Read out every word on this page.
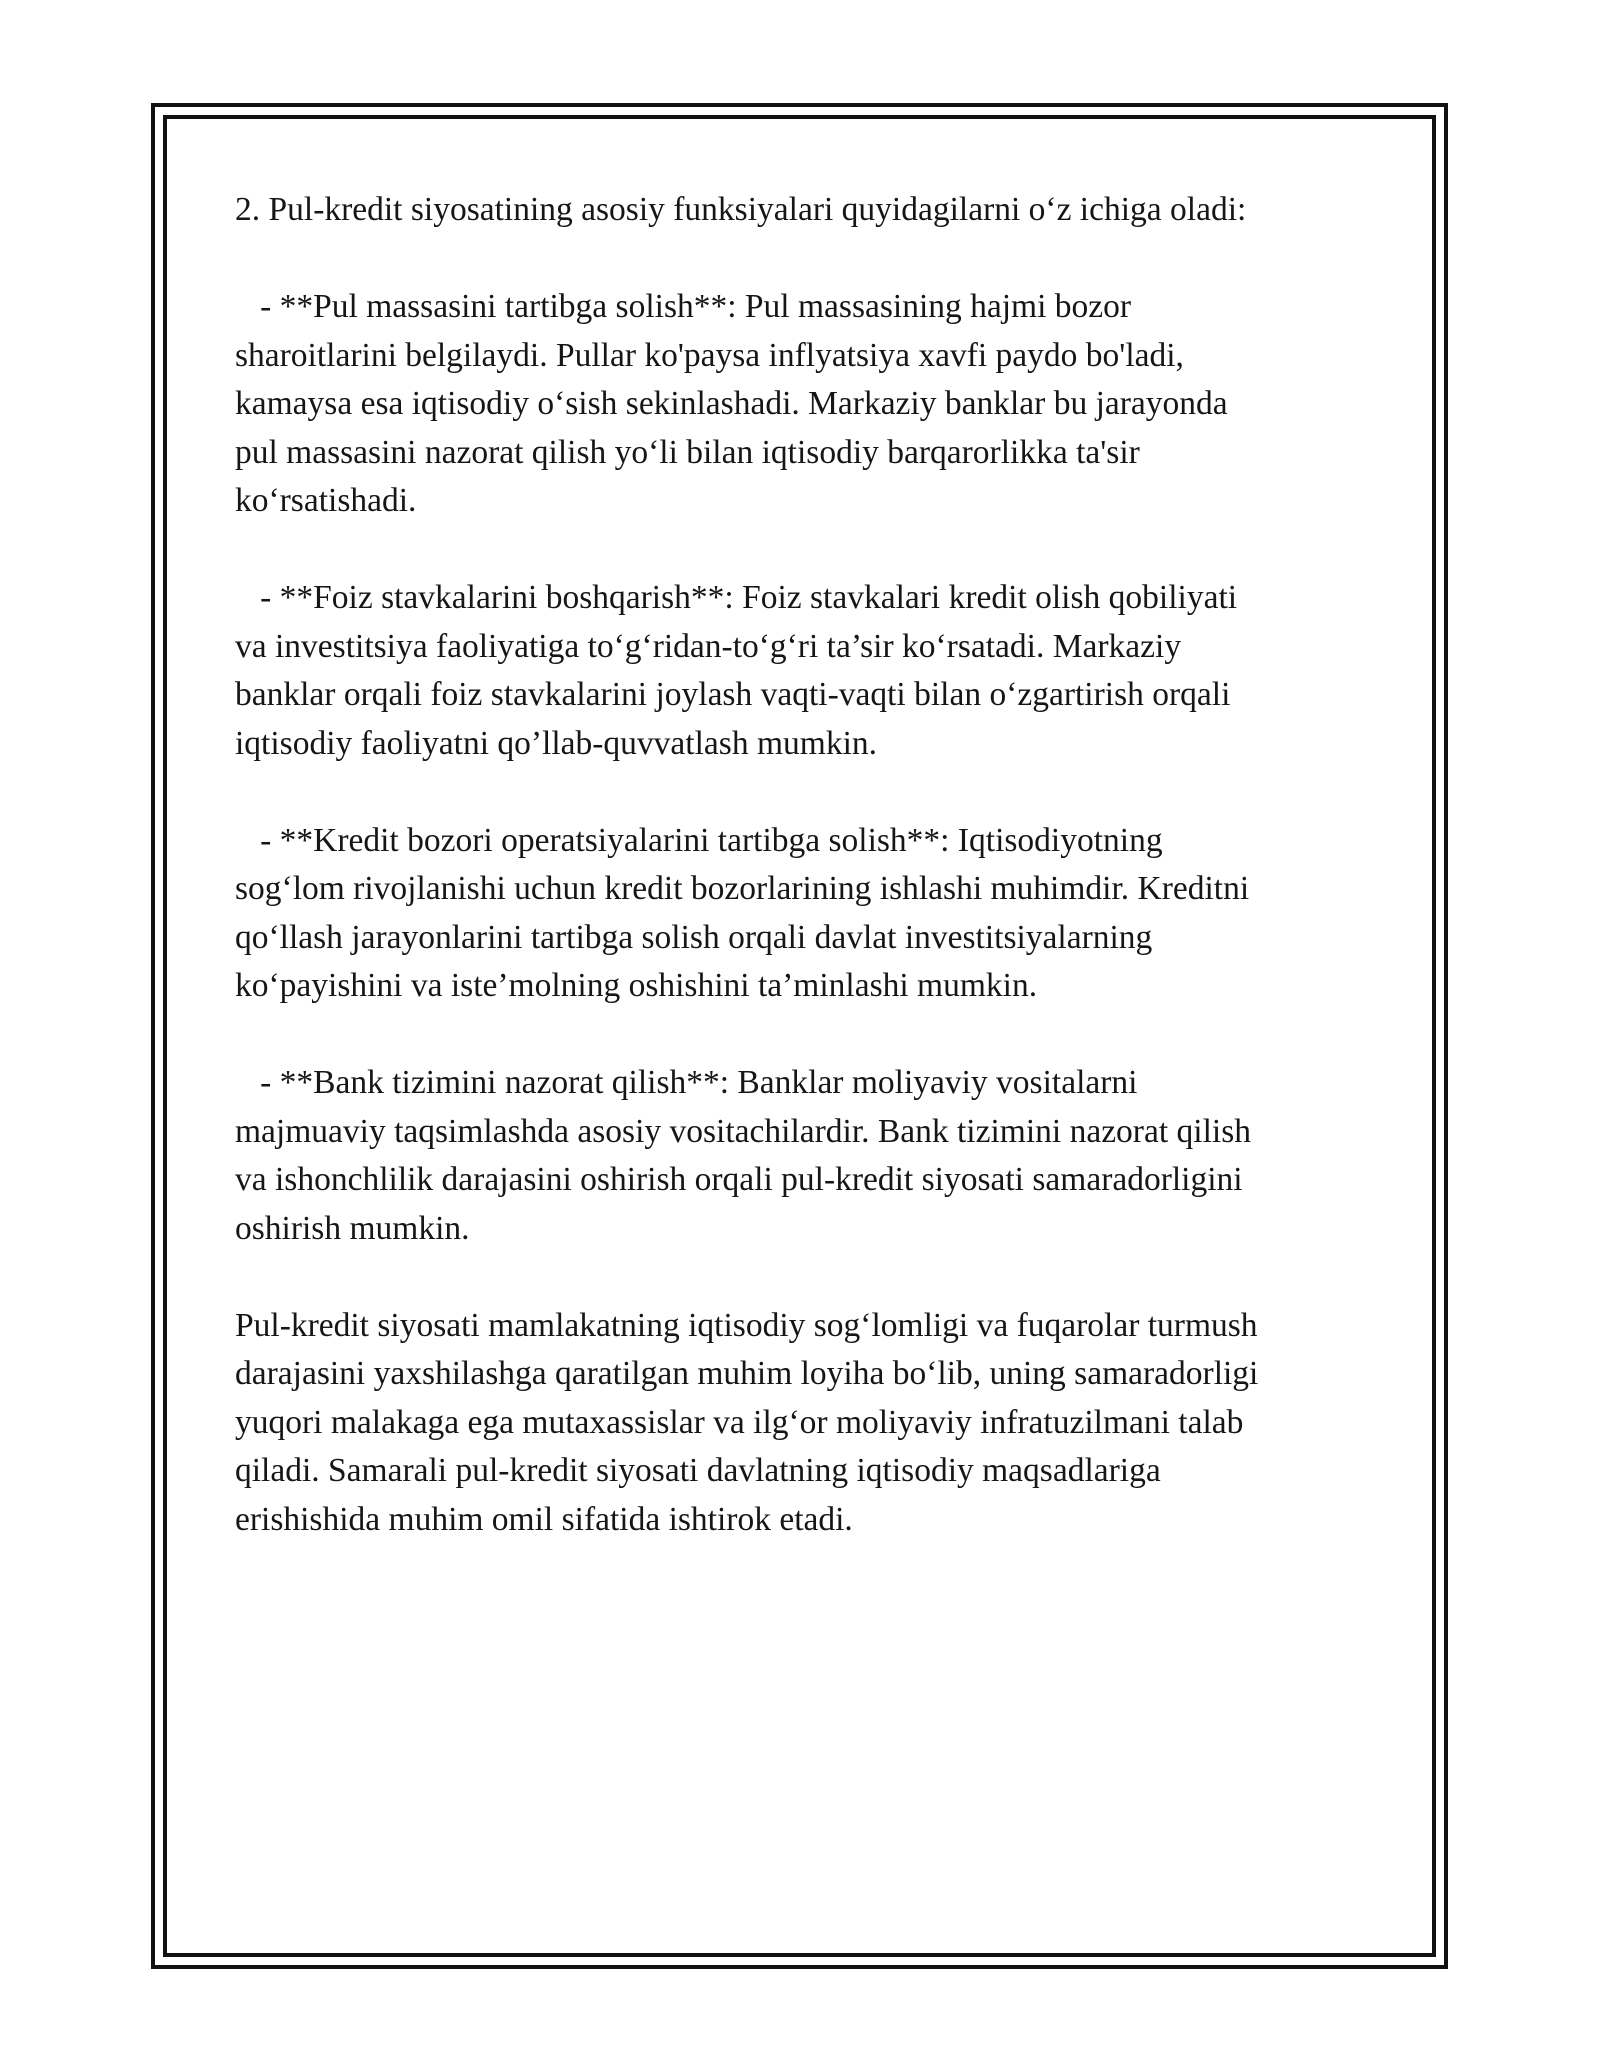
2. Pul-kredit siyosatining asosiy funksiyalari quyidagilarni o‘z ichiga oladi:

- **Pul massasini tartibga solish**: Pul massasining hajmi bozor
sharoitlarini belgilaydi. Pullar ko'paysa inflyatsiya xavfi paydo bo'ladi,
kamaysa esa iqtisodiy o‘sish sekinlashadi. Markaziy banklar bu jarayonda
pul massasini nazorat qilish yo‘li bilan iqtisodiy barqarorlikka ta'sir
ko‘rsatishadi.

- **Foiz stavkalarini boshqarish**: Foiz stavkalari kredit olish qobiliyati
va investitsiya faoliyatiga to‘g‘ridan-to‘g‘ri ta’sir ko‘rsatadi. Markaziy
banklar orqali foiz stavkalarini joylash vaqti-vaqti bilan o‘zgartirish orqali
iqtisodiy faoliyatni qo’llab-quvvatlash mumkin.

- **Kredit bozori operatsiyalarini tartibga solish**: Iqtisodiyotning
sog‘lom rivojlanishi uchun kredit bozorlarining ishlashi muhimdir. Kreditni
qo‘llash jarayonlarini tartibga solish orqali davlat investitsiyalarning
ko‘payishini va iste’molning oshishini ta’minlashi mumkin.

- **Bank tizimini nazorat qilish**: Banklar moliyaviy vositalarni
majmuaviy taqsimlashda asosiy vositachilardir. Bank tizimini nazorat qilish
va ishonchlilik darajasini oshirish orqali pul-kredit siyosati samaradorligini
oshirish mumkin.

Pul-kredit siyosati mamlakatning iqtisodiy sog‘lomligi va fuqarolar turmush
darajasini yaxshilashga qaratilgan muhim loyiha bo‘lib, uning samaradorligi
yuqori malakaga ega mutaxassislar va ilg‘or moliyaviy infratuzilmani talab
qiladi. Samarali pul-kredit siyosati davlatning iqtisodiy maqsadlariga
erishishida muhim omil sifatida ishtirok etadi.
